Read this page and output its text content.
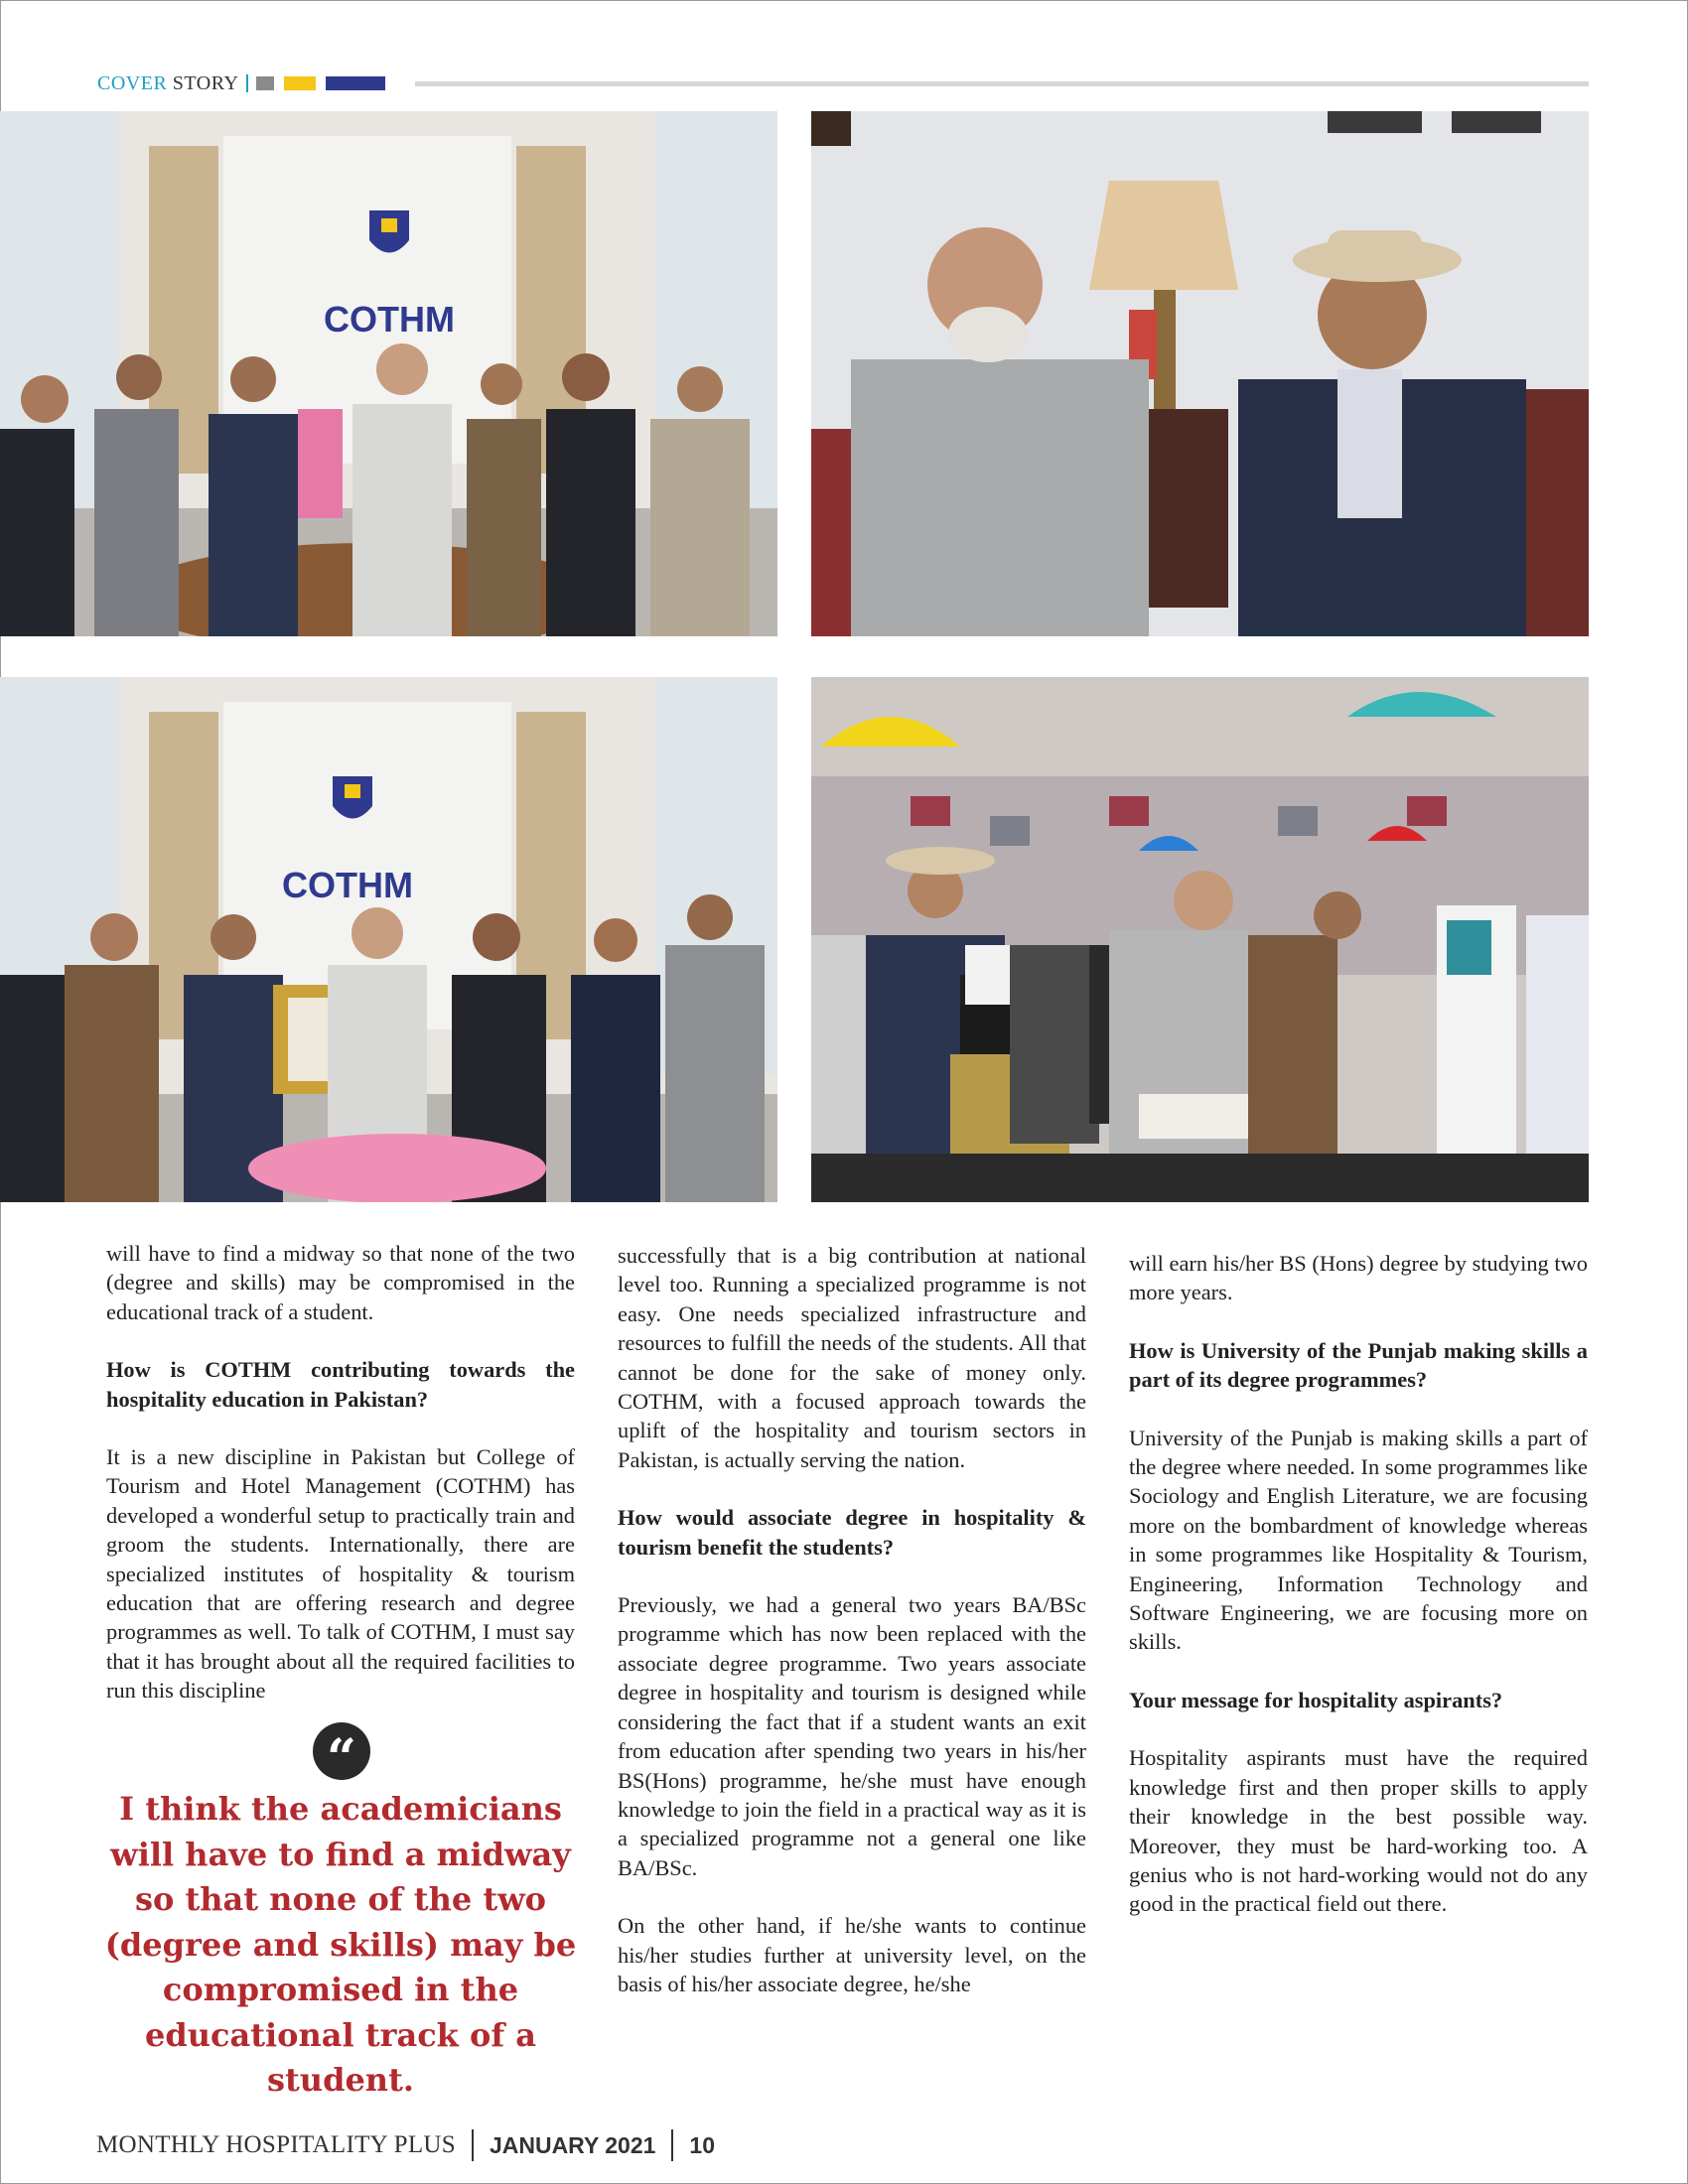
COVER STORY
COTHM
COTHM

will have to find a midway so that none of the two (degree and skills) may be compromised in the educational track of a student.

How is COTHM contributing towards the hospitality education in Pakistan?

It is a new discipline in Pakistan but College of Tourism and Hotel Management (COTHM) has developed a wonderful setup to practically train and groom the students. Internationally, there are specialized institutes of hospitality & tourism education that are offering research and degree programmes as well. To talk of COTHM, I must say that it has brought about all the required facilities to run this discipline

“
I think the academicians will have to find a midway so that none of the two (degree and skills) may be compromised in the educational track of a student.

successfully that is a big contribution at national level too. Running a specialized programme is not easy. One needs specialized infrastructure and resources to fulfill the needs of the students. All that cannot be done for the sake of money only. COTHM, with a focused approach towards the uplift of the hospitality and tourism sectors in Pakistan, is actually serving the nation.

How would associate degree in hospitality & tourism benefit the students?

Previously, we had a general two years BA/BSc programme which has now been replaced with the associate degree programme. Two years associate degree in hospitality and tourism is designed while considering the fact that if a student wants an exit from education after spending two years in his/her BS(Hons) programme, he/she must have enough knowledge to join the field in a practical way as it is a specialized programme not a general one like BA/BSc.

On the other hand, if he/she wants to continue his/her studies further at university level, on the basis of his/her associate degree, he/she

will earn his/her BS (Hons) degree by studying two more years.

How is University of the Punjab making skills a part of its degree programmes?

University of the Punjab is making skills a part of the degree where needed. In some programmes like Sociology and English Literature, we are focusing more on the bombardment of knowledge whereas in some programmes like Hospitality & Tourism, Engineering, Information Technology and Software Engineering, we are focusing more on skills.

Your message for hospitality aspirants?

Hospitality aspirants must have the required knowledge first and then proper skills to apply their knowledge in the best possible way. Moreover, they must be hard-working too. A genius who is not hard-working would not do any good in the practical field out there.

MONTHLY HOSPITALITY PLUS JANUARY 2021 10
